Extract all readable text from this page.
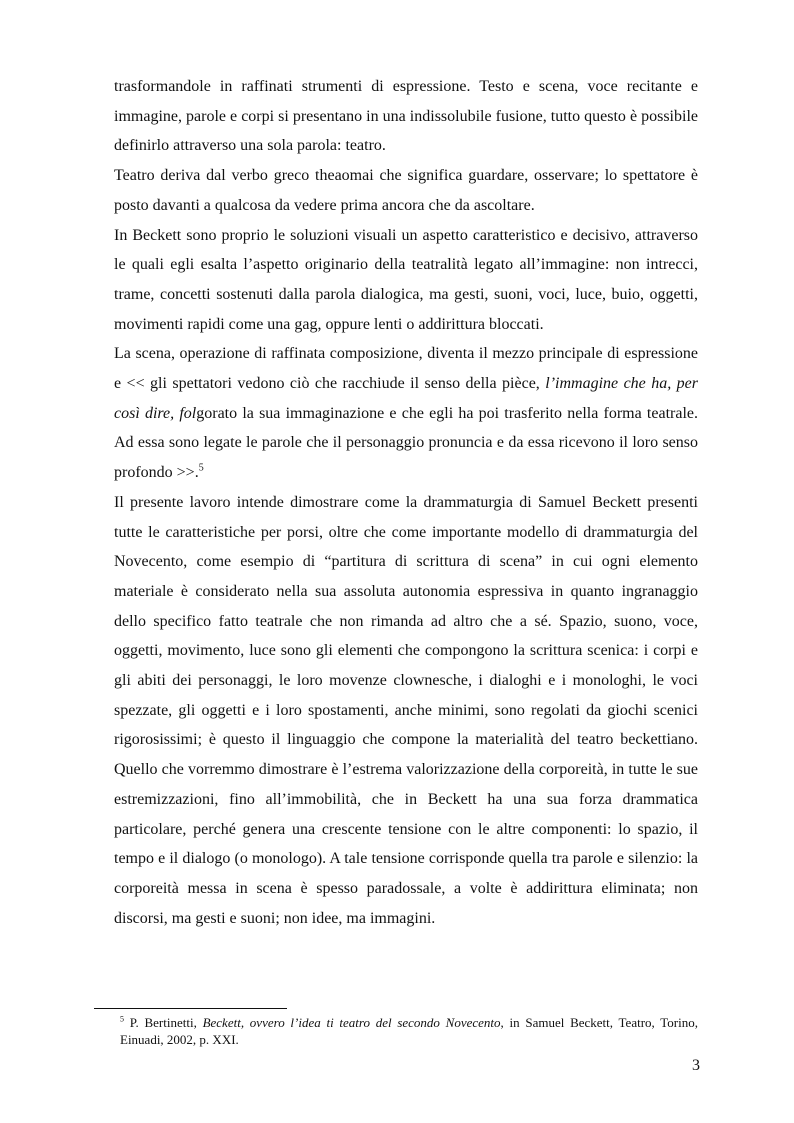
trasformandole in raffinati strumenti di espressione. Testo e scena, voce recitante e immagine, parole e corpi si presentano in una indissolubile fusione, tutto questo è possibile definirlo attraverso una sola parola: teatro.

Teatro deriva dal verbo greco theaomai che significa guardare, osservare; lo spettatore è posto davanti a qualcosa da vedere prima ancora che da ascoltare.

In Beckett sono proprio le soluzioni visuali un aspetto caratteristico e decisivo, attraverso le quali egli esalta l’aspetto originario della teatralità legato all’immagine: non intrecci, trame, concetti sostenuti dalla parola dialogica, ma gesti, suoni, voci, luce, buio, oggetti, movimenti rapidi come una gag, oppure lenti o addirittura bloccati.

La scena, operazione di raffinata composizione, diventa il mezzo principale di espressione e << gli spettatori vedono ciò che racchiude il senso della pièce, l’immagine che ha, per così dire, folgorato la sua immaginazione e che egli ha poi trasferito nella forma teatrale. Ad essa sono legate le parole che il personaggio pronuncia e da essa ricevono il loro senso profondo >>.$^5$

Il presente lavoro intende dimostrare come la drammaturgia di Samuel Beckett presenti tutte le caratteristiche per porsi, oltre che come importante modello di drammaturgia del Novecento, come esempio di “partitura di scrittura di scena” in cui ogni elemento materiale è considerato nella sua assoluta autonomia espressiva in quanto ingranaggio dello specifico fatto teatrale che non rimanda ad altro che a sé. Spazio, suono, voce, oggetti, movimento, luce sono gli elementi che compongono la scrittura scenica: i corpi e gli abiti dei personaggi, le loro movenze clownesche, i dialoghi e i monologhi, le voci spezzate, gli oggetti e i loro spostamenti, anche minimi, sono regolati da giochi scenici rigorosissimi; è questo il linguaggio che compone la materialità del teatro beckettiano. Quello che vorremmo dimostrare è l’estrema valorizzazione della corporeità, in tutte le sue estremizzazioni, fino all’immobilità, che in Beckett ha una sua forza drammatica particolare, perché genera una crescente tensione con le altre componenti: lo spazio, il tempo e il dialogo (o monologo). A tale tensione corrisponde quella tra parole e silenzio: la corporeità messa in scena è spesso paradossale, a volte è addirittura eliminata; non discorsi, ma gesti e suoni; non idee, ma immagini.

$^5$ P. Bertinetti, Beckett, ovvero l’idea ti teatro del secondo Novecento, in Samuel Beckett, Teatro, Torino, Einuadi, 2002, p. XXI.

3
